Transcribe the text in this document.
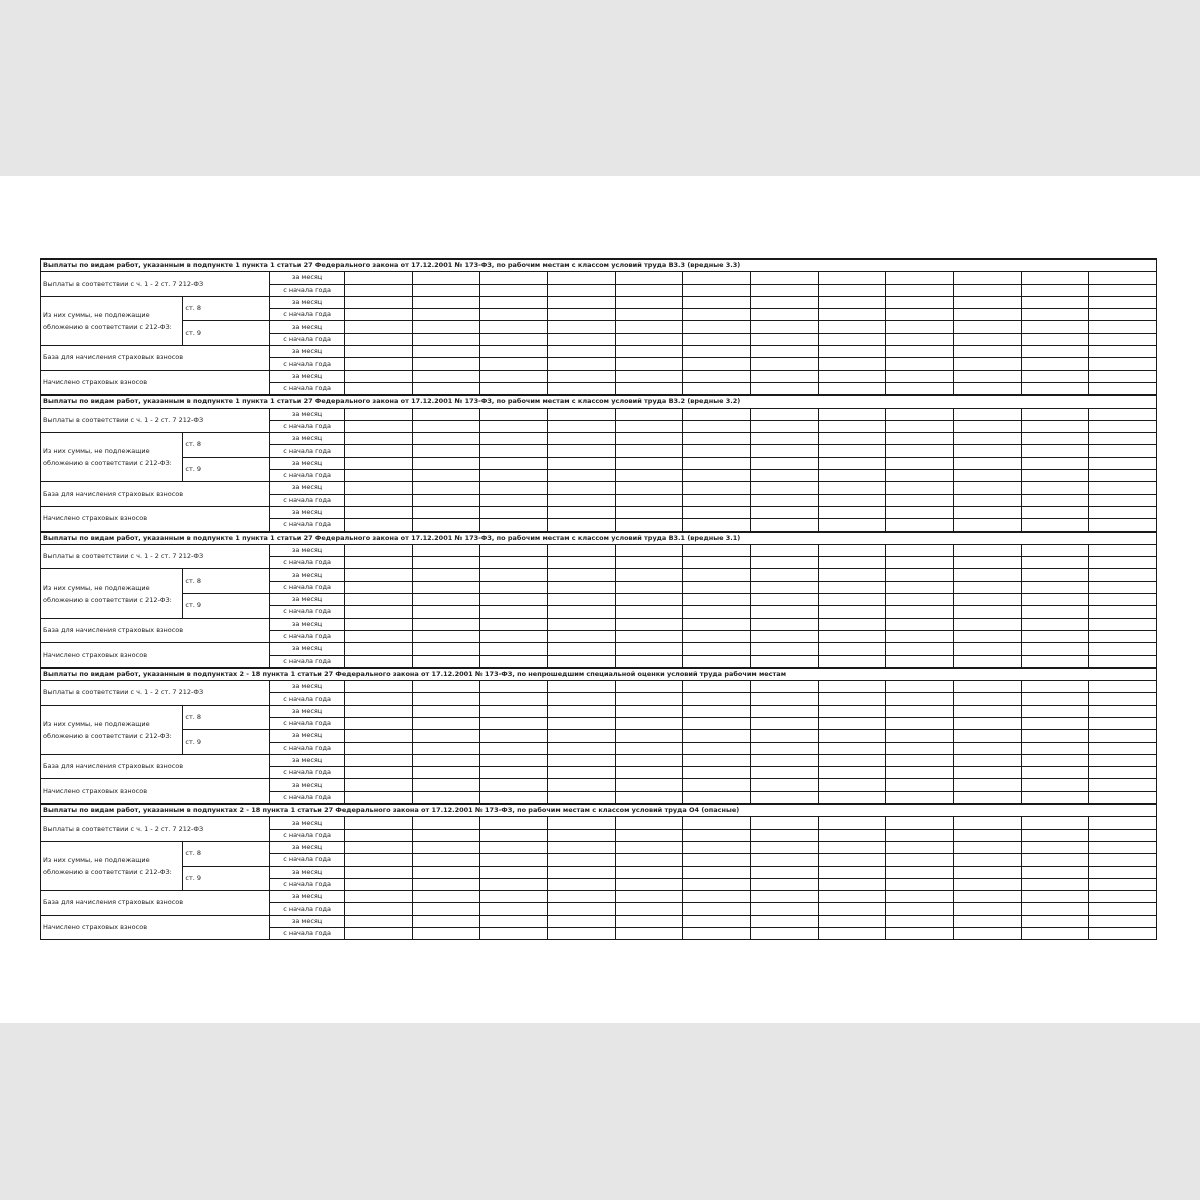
Выплаты по видам работ, указанным в подпункте 1 пункта 1 статьи 27 Федерального закона от 17.12.2001 № 173-ФЗ, по рабочим местам с классом условий труда В3.3 (вредные 3.3)														
Выплаты в соответствии с ч. 1 - 2 ст. 7 212-ФЗ		за месяц												
		с начала года												
Из них суммы, не подлежащие обложению в соответствии с 212-ФЗ:	ст. 8	за месяц												
		с начала года												
	ст. 9	за месяц												
		с начала года												
База для начисления страховых взносов		за месяц												
		с начала года												
Начислено страховых взносов		за месяц												
		с начала года												
Выплаты по видам работ, указанным в подпункте 1 пункта 1 статьи 27 Федерального закона от 17.12.2001 № 173-ФЗ, по рабочим местам с классом условий труда В3.2 (вредные 3.2)														
Выплаты в соответствии с ч. 1 - 2 ст. 7 212-ФЗ		за месяц												
		с начала года												
Из них суммы, не подлежащие обложению в соответствии с 212-ФЗ:	ст. 8	за месяц												
		с начала года												
	ст. 9	за месяц												
		с начала года												
База для начисления страховых взносов		за месяц												
		с начала года												
Начислено страховых взносов		за месяц												
		с начала года												
Выплаты по видам работ, указанным в подпункте 1 пункта 1 статьи 27 Федерального закона от 17.12.2001 № 173-ФЗ, по рабочим местам с классом условий труда В3.1 (вредные 3.1)														
Выплаты в соответствии с ч. 1 - 2 ст. 7 212-ФЗ		за месяц												
		с начала года												
Из них суммы, не подлежащие обложению в соответствии с 212-ФЗ:	ст. 8	за месяц												
		с начала года												
	ст. 9	за месяц												
		с начала года												
База для начисления страховых взносов		за месяц												
		с начала года												
Начислено страховых взносов		за месяц												
		с начала года												
Выплаты по видам работ, указанным в подпунктах 2 - 18 пункта 1 статьи 27 Федерального закона от 17.12.2001 № 173-ФЗ, по непрошедшим специальной оценки условий труда рабочим местам														
Выплаты в соответствии с ч. 1 - 2 ст. 7 212-ФЗ		за месяц												
		с начала года												
Из них суммы, не подлежащие обложению в соответствии с 212-ФЗ:	ст. 8	за месяц												
		с начала года												
	ст. 9	за месяц												
		с начала года												
База для начисления страховых взносов		за месяц												
		с начала года												
Начислено страховых взносов		за месяц												
		с начала года												
Выплаты по видам работ, указанным в подпунктах 2 - 18 пункта 1 статьи 27 Федерального закона от 17.12.2001 № 173-ФЗ, по рабочим местам с классом условий труда О4 (опасные)														
Выплаты в соответствии с ч. 1 - 2 ст. 7 212-ФЗ		за месяц												
		с начала года												
Из них суммы, не подлежащие обложению в соответствии с 212-ФЗ:	ст. 8	за месяц												
		с начала года												
	ст. 9	за месяц												
		с начала года												
База для начисления страховых взносов		за месяц												
		с начала года												
Начислено страховых взносов		за месяц												
		с начала года												
